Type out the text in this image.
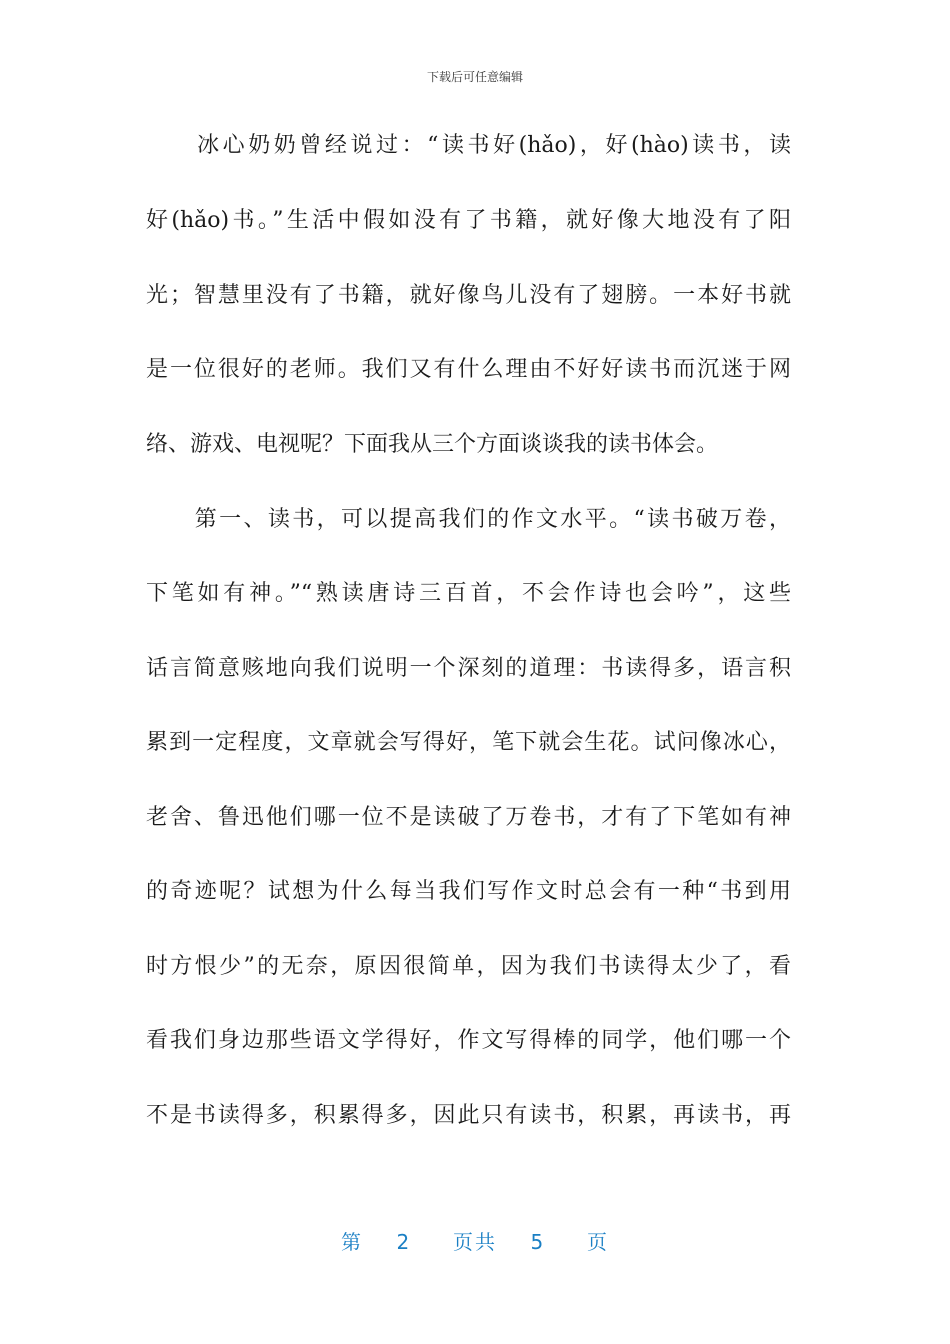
下载后可任意编辑
　　冰心奶奶曾经说过：“读书好(hǎo)，好(hào)读书，读
好(hǎo)书。”生活中假如没有了书籍，就好像大地没有了阳
光；智慧里没有了书籍，就好像鸟儿没有了翅膀。一本好书就
是一位很好的老师。我们又有什么理由不好好读书而沉迷于网
络、游戏、电视呢？下面我从三个方面谈谈我的读书体会。
　　第一、读书，可以提高我们的作文水平。“读书破万卷，
下笔如有神。”“熟读唐诗三百首，不会作诗也会吟”，这些
话言简意赅地向我们说明一个深刻的道理：书读得多，语言积
累到一定程度，文章就会写得好，笔下就会生花。试问像冰心，
老舍、鲁迅他们哪一位不是读破了万卷书，才有了下笔如有神
的奇迹呢？试想为什么每当我们写作文时总会有一种“书到用
时方恨少”的无奈，原因很简单，因为我们书读得太少了，看
看我们身边那些语文学得好，作文写得棒的同学，他们哪一个
不是书读得多，积累得多，因此只有读书，积累，再读书，再
第 2 页共 5 页
